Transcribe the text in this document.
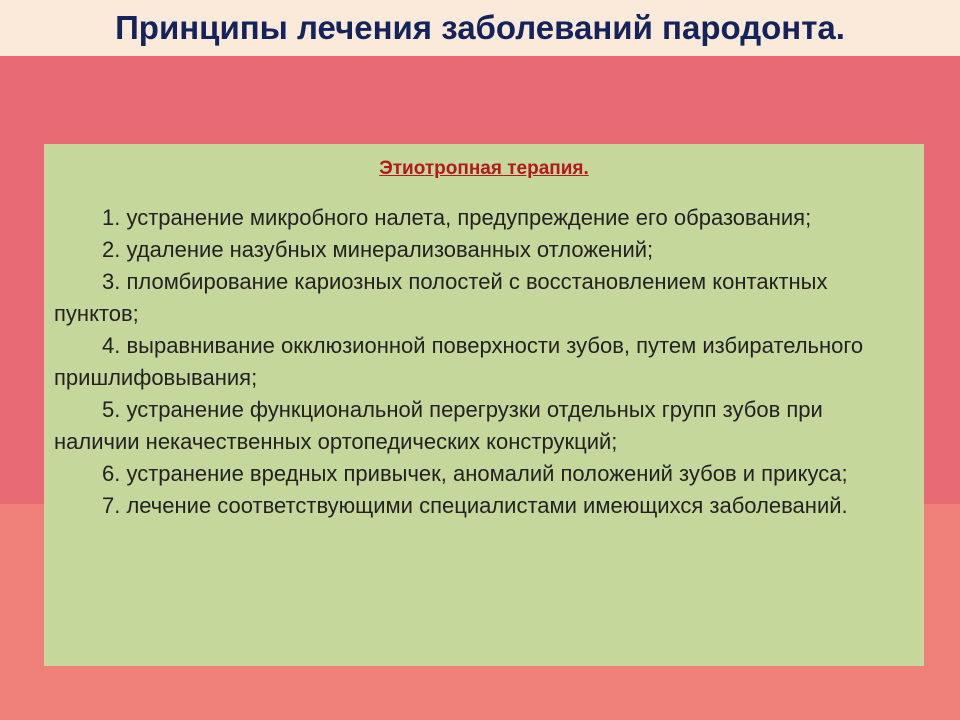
Принципы лечения заболеваний пародонта.
Этиотропная терапия.
1. устранение микробного налета, предупреждение его образования;
2. удаление назубных минерализованных отложений;
3. пломбирование кариозных полостей с восстановлением контактных пунктов;
4. выравнивание окклюзионной поверхности зубов, путем избирательного пришлифовывания;
5. устранение функциональной перегрузки отдельных групп зубов при наличии некачественных ортопедических конструкций;
6. устранение вредных привычек, аномалий положений зубов и прикуса;
7. лечение соответствующими специалистами имеющихся заболеваний.
